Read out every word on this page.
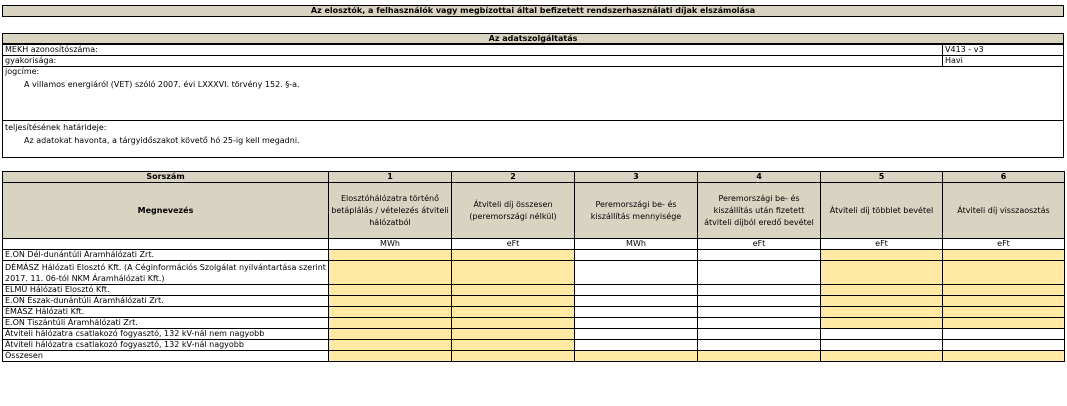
Az elosztók, a felhasználók vagy megbízottai által befizetett rendszerhasználati díjak elszámolása
Az adatszolgáltatás
MEKH azonosítószáma:	V413 - v3
gyakorisága:	Havi
jogcíme:
A villamos energiáról (VET) szóló 2007. évi LXXXVI. törvény 152. §-a.
teljesítésének határideje:
Az adatokat havonta, a tárgyidőszakot követő hó 25-ig kell megadni.
Sorszám	1	2	3	4	5	6
Megnevezés	Elosztóhálózatra történő betáplálás / vételezés átviteli hálózatból	Átviteli díj összesen (peremországi nélkül)	Peremországi be- és kiszállítás mennyisége	Peremországi be- és kiszállítás után fizetett átviteli díjból eredő bevétel	Átviteli díj többlet bevétel	Átviteli díj visszaosztás
	MWh	eFt	MWh	eFt	eFt	eFt
E.ON Dél-dunántúli Áramhálózati Zrt.						
DÉMÁSZ Hálózati Elosztó Kft. (A Céginformációs Szolgálat nyilvántartása szerint 2017. 11. 06-tól NKM Áramhálózati Kft.)						
ELMŰ Hálózati Elosztó Kft.						
E.ON Észak-dunántúli Áramhálózati Zrt.						
ÉMÁSZ Hálózati Kft.						
E.ON Tiszántúli Áramhálózati Zrt.						
Átviteli hálózatra csatlakozó fogyasztó, 132 kV-nál nem nagyobb						
Átviteli hálózatra csatlakozó fogyasztó, 132 kV-nál nagyobb						
Összesen						
